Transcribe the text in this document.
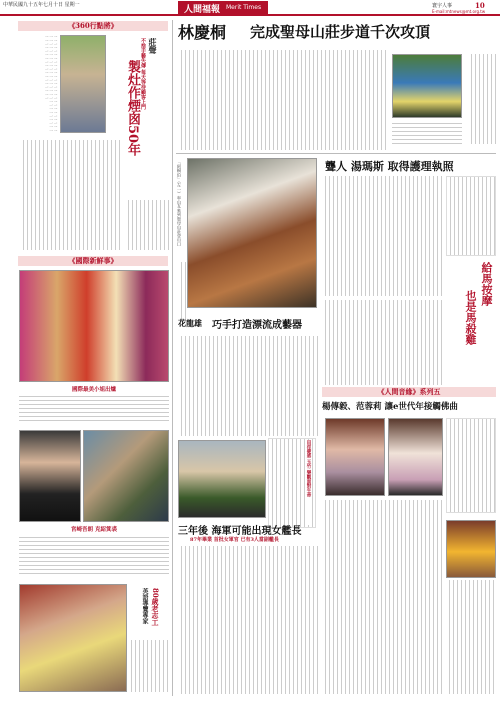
中華民國九十五年七月十日 星期一	人間福報 Merit Times	寰宇人事	10
E-mail:mtnews@mt.org.tw
《360行點將》
一一一一一一一一一一一一一一一一一一一一一一一一一一一一一一一一一一一一一一一一一一一一一一一一一一一一一一一一一一一一一一一一一一一一一一一一	莊聲
不捨手藝失傳 每天等待顧客上門
製灶作煙囪50年
《國際新鮮事》
國際最美小姐出爐
宮崎吾朗 克紹箕裘
80歲老志工
英語導覽專家
林慶桐 完成聖母山莊步道千次攻頂
「阿桐伯」（左一）率山友來到聖母山莊登山口
花龍雄 巧手打造漂流成藝器
田徑健將 玉竹 樂觀面對生命
三年後 海軍可能出現女艦長
87年畢業 首批女軍官 已有3人當副艦長
聾人 湯瑪斯 取得護理執照
給馬按摩
也是馬殺雞
《人間音緣》系列五
楊傳毅、范蓉莉 讓e世代年接觸佛曲
